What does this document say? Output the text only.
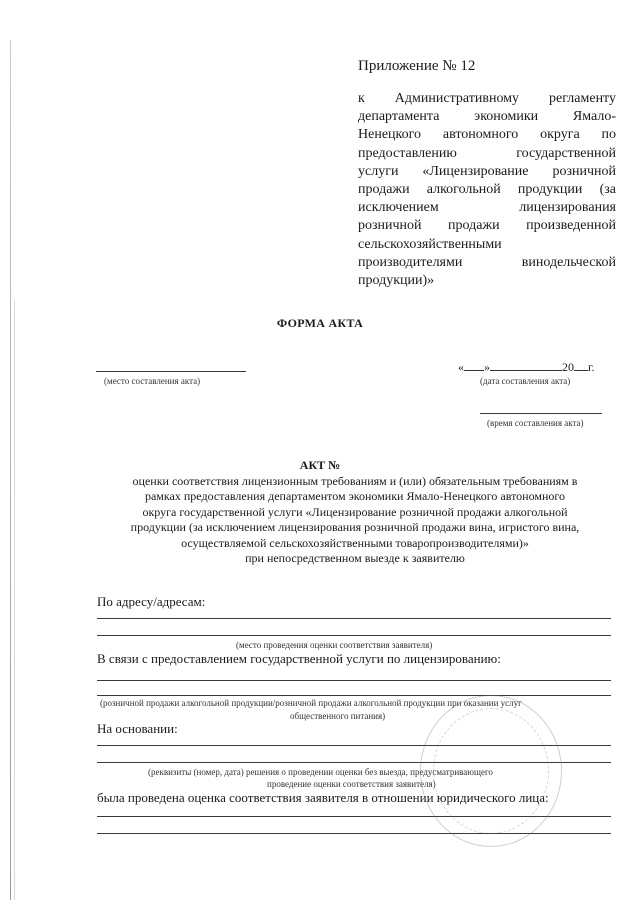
Приложение № 12
к Административному регламенту
департамента экономики Ямало-
Ненецкого автономного округа по
предоставлению государственной
услуги «Лицензирование розничной
продажи алкогольной продукции (за
исключением лицензирования
розничной продажи произведенной
сельскохозяйственными
производителями винодельческой
продукции)»
ФОРМА АКТА
(место составления акта)
« »	20 г.
(дата составления акта)
(время составления акта)
АКТ №
оценки соответствия лицензионным требованиям и (или) обязательным требованиям в
рамках предоставления департаментом экономики Ямало-Ненецкого автономного
округа государственной услуги «Лицензирование розничной продажи алкогольной
продукции (за исключением лицензирования розничной продажи вина, игристого вина,
осуществляемой сельскохозяйственными товаропроизводителями)»
при непосредственном выезде к заявителю
По адресу/адресам:
(место проведения оценки соответствия заявителя)
В связи с предоставлением государственной услуги по лицензированию:
(розничной продажи алкогольной продукции/розничной продажи алкогольной продукции при оказании услуг
общественного питания)
На основании:
(реквизиты (номер, дата) решения о проведении оценки без выезда, предусматривающего
проведение оценки соответствия заявителя)
была проведена оценка соответствия заявителя в отношении юридического лица:
